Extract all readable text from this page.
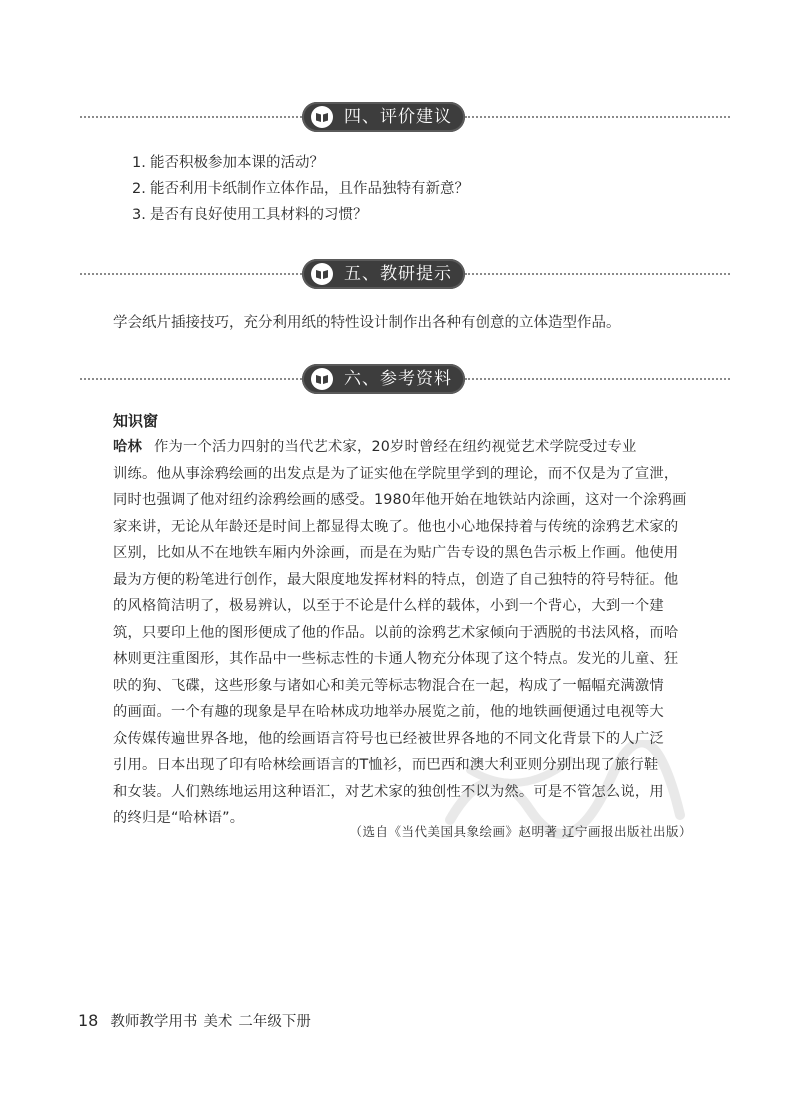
四、评价建议
1. 能否积极参加本课的活动？
2. 能否利用卡纸制作立体作品，且作品独特有新意？
3. 是否有良好使用工具材料的习惯？
五、教研提示
学会纸片插接技巧，充分利用纸的特性设计制作出各种有创意的立体造型作品。
六、参考资料
知识窗
哈林 作为一个活力四射的当代艺术家，20岁时曾经在纽约视觉艺术学院受过专业
训练。他从事涂鸦绘画的出发点是为了证实他在学院里学到的理论，而不仅是为了宣泄，
同时也强调了他对纽约涂鸦绘画的感受。1980年他开始在地铁站内涂画，这对一个涂鸦画
家来讲，无论从年龄还是时间上都显得太晚了。他也小心地保持着与传统的涂鸦艺术家的
区别，比如从不在地铁车厢内外涂画，而是在为贴广告专设的黑色告示板上作画。他使用
最为方便的粉笔进行创作，最大限度地发挥材料的特点，创造了自己独特的符号特征。他
的风格简洁明了，极易辨认，以至于不论是什么样的载体，小到一个背心，大到一个建
筑，只要印上他的图形便成了他的作品。以前的涂鸦艺术家倾向于洒脱的书法风格，而哈
林则更注重图形，其作品中一些标志性的卡通人物充分体现了这个特点。发光的儿童、狂
吠的狗、飞碟，这些形象与诸如心和美元等标志物混合在一起，构成了一幅幅充满激情
的画面。一个有趣的现象是早在哈林成功地举办展览之前，他的地铁画便通过电视等大
众传媒传遍世界各地，他的绘画语言符号也已经被世界各地的不同文化背景下的人广泛
引用。日本出现了印有哈林绘画语言的T恤衫，而巴西和澳大利亚则分别出现了旅行鞋
和女装。人们熟练地运用这种语汇，对艺术家的独创性不以为然。可是不管怎么说，用
的终归是“哈林语”。
（选自《当代美国具象绘画》赵明著 辽宁画报出版社出版）
18 教师教学用书 美术 二年级下册
